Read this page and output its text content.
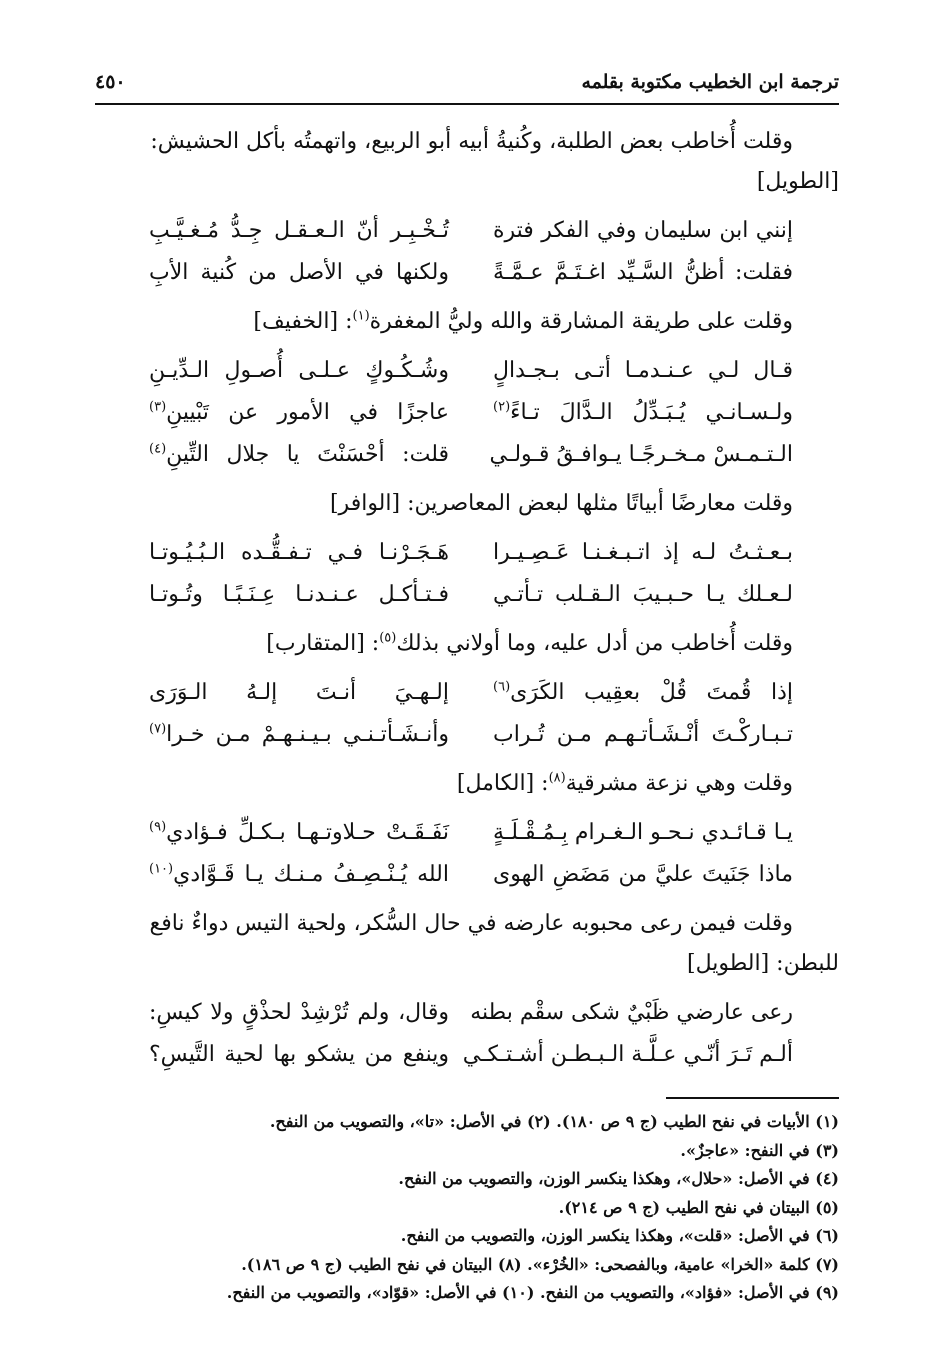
ترجمة ابن الخطيب مكتوبة بقلمه
٤٥٠

وقلت أُخاطب بعض الطلبة، وكُنيةُ أبيه أبو الربيع، واتهمتُه بأكل الحشيش:

[الطويل]

إنني ابن سليمان وفي الفكر فترة
تُـخْـبِـر أنّ الـعـقـل جِـدُّ مُـغـيَّـبِ
فقلت: أظنُّ السَّـيِّد اغـتَـمَّ عـمَّـةً
ولكنها في الأصل من كُنية الأبِ

وقلت على طريقة المشارقة والله وليُّ المغفرة$^{(١)}$: [الخفيف]

قـال لـي عـنـدمـا أتـى بـجـدالٍ
وشُـكُـوكٍ عـلـى أُصـولِ الـدِّيـنِ
ولـسـانـي يُـبَـدِّلُ الـدَّالَ تـاءً$^{(٢)}$
عاجزًا في الأمور عن تَبْيينِ$^{(٣)}$
الـتـمـسْ مـخـرجًـا يـوافـقُ قـولـي
قلت: أحْسَنْتَ يا جلال التِّينِ$^{(٤)}$

وقلت معارضًا أبياتًا مثلها لبعض المعاصرين: [الوافر]

بـعـثـتُ لـه إذ اتـبـغـنـا عَـصِـيـرا
هَـجَـرْنـا فـي تـفـقُّـده الـبُـيُـوتـا
لـعـلك يـا حـبـيبَ الـقـلب تـأتـي
فـتـأكـل عـنـدنـا عِـنَـبًـا وتُـوتـا

وقلت أُخاطب من أدل عليه، وما أولاني بذلك$^{(٥)}$: [المتقارب]

إذا قُمتَ قُلْ بعقِيب الكَرَى$^{(٦)}$
إلـهـيَ أنـتَ إلـهُ الـوَرَى
تـبـاركْـتَ أنْـشَـأتـهـم مـن تُـراب
وأنـشَـأتـنـي بـيـنـهـمْ مـن خـرا$^{(٧)}$

وقلت وهي نزعة مشرقية$^{(٨)}$: [الكامل]

يـا قـائـدي نـحـو الـغـرام بِـمُـقْـلَـةٍ
نَفَـقَـتْ حـلاوتـهـا بـكـلِّ فـؤادي$^{(٩)}$
ماذا جَنَيتَ عليَّ من مَضَضِ الهوى
الله يُـنْـصِـفُ مـنـك يـا قَـوَّادي$^{(١٠)}$

وقلت فيمن رعى محبوبه عارضه في حال السُّكر، ولحية التيس دواءٌ نافع

للبطن: [الطويل]

رعى عارضي ظَبْيٌ شكى سقْم بطنه
وقال، ولم تُرْشِدْ لحذْقٍ ولا كيسِ:
ألـم تَـرَ أنّـي عـلَّـة الـبـطـن أشـتـكـي
وينفع من يشكو بها لحية التَّيسِ؟

(١) الأبيات في نفح الطيب (ج ٩ ص ١٨٠). (٢) في الأصل: «تا»، والتصويب من النفح.

(٣) في النفح: «عاجزٌ».

(٤) في الأصل: «حلال»، وهكذا ينكسر الوزن، والتصويب من النفح.

(٥) البيتان في نفح الطيب (ج ٩ ص ٢١٤).

(٦) في الأصل: «قلت»، وهكذا ينكسر الوزن، والتصويب من النفح.

(٧) كلمة «الخرا» عامية، وبالفصحى: «الخُرْء». (٨) البيتان في نفح الطيب (ج ٩ ص ١٨٦).

(٩) في الأصل: «فؤاد»، والتصويب من النفح. (١٠) في الأصل: «قوّاد»، والتصويب من النفح.
